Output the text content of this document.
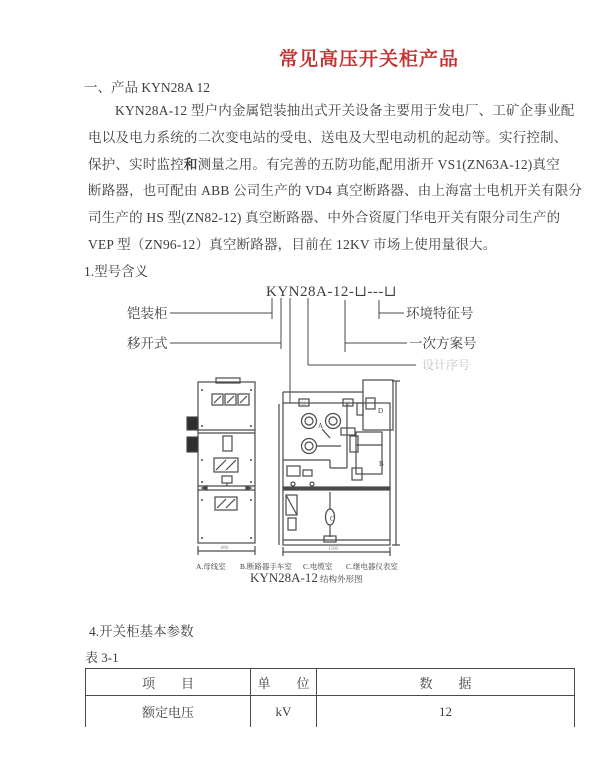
常见高压开关柜产品
一、产品 KYN28A 12
KYN28A-12 型户内金属铠装抽出式开关设备主要用于发电厂、工矿企事业配
电以及电力系统的二次变电站的受电、送电及大型电动机的起动等。实行控制、
保护、实时监控和测量之用。有完善的五防功能,配用浙开 VS1(ZN63A-12)真空
断路器，也可配由 ABB 公司生产的 VD4 真空断路器、由上海富士电机开关有限分
司生产的 HS 型(ZN82-12) 真空断路器、中外合资厦门华电开关有限分司生产的
VEP 型（ZN96-12）真空断路器，目前在 12KV 市场上使用量很大。
1.型号含义
KYN28A-12-⊔---⊔
铠装柜
移开式
环境特征号
一次方案号
设计序号
800
D
30	30
A
B
C
1500
A.母线室 B.断路器手车室 C.电缆室 C.继电器仪表室
KYN28A-12 结构外形图
4.开关柜基本参数
表 3-1
项　　目	单　　位	数　　据
额定电压	kV	12
